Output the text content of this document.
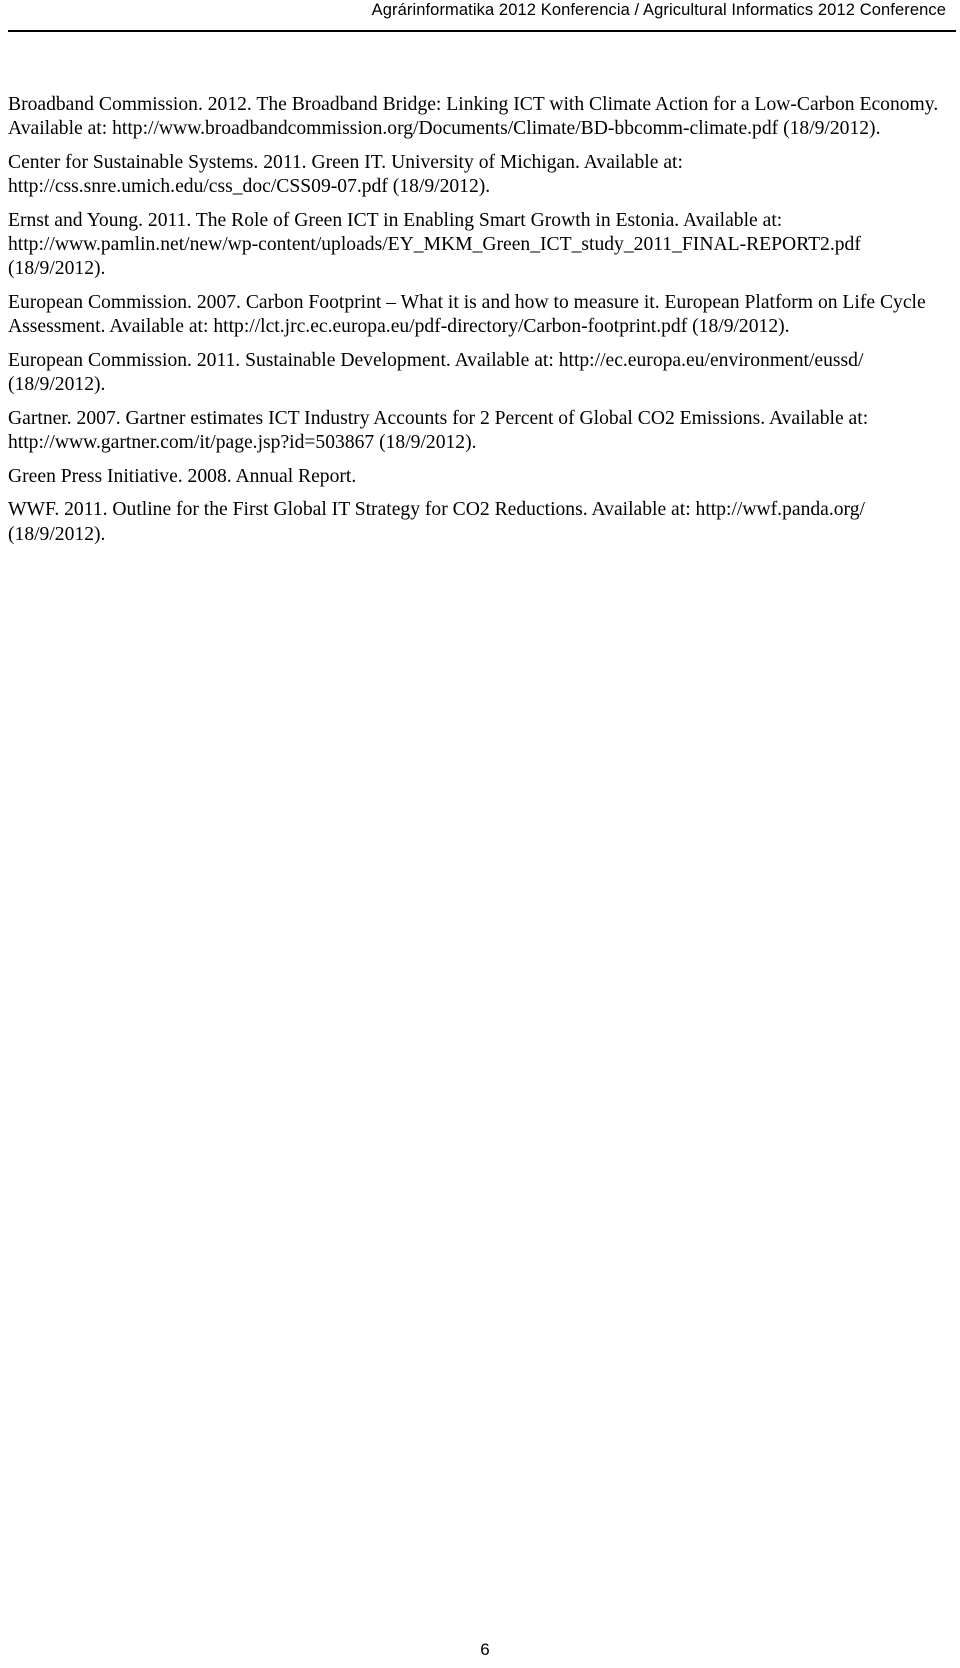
Agrárinformatika 2012 Konferencia / Agricultural Informatics 2012 Conference

Broadband Commission. 2012. The Broadband Bridge: Linking ICT with Climate Action for a Low-Carbon Economy. Available at: http://www.broadbandcommission.org/Documents/Climate/BD-bbcomm-climate.pdf (18/9/2012).

Center for Sustainable Systems. 2011. Green IT. University of Michigan. Available at: http://css.snre.umich.edu/css_doc/CSS09-07.pdf (18/9/2012).

Ernst and Young. 2011. The Role of Green ICT in Enabling Smart Growth in Estonia. Available at: http://www.pamlin.net/new/wp-content/uploads/EY_MKM_Green_ICT_study_2011_FINAL-REPORT2.pdf (18/9/2012).

European Commission. 2007. Carbon Footprint – What it is and how to measure it. European Platform on Life Cycle Assessment. Available at: http://lct.jrc.ec.europa.eu/pdf-directory/Carbon-footprint.pdf (18/9/2012).

European Commission. 2011. Sustainable Development. Available at: http://ec.europa.eu/environment/eussd/ (18/9/2012).

Gartner. 2007. Gartner estimates ICT Industry Accounts for 2 Percent of Global CO2 Emissions. Available at: http://www.gartner.com/it/page.jsp?id=503867 (18/9/2012).

Green Press Initiative. 2008. Annual Report.

WWF. 2011. Outline for the First Global IT Strategy for CO2 Reductions. Available at: http://wwf.panda.org/ (18/9/2012).

6
